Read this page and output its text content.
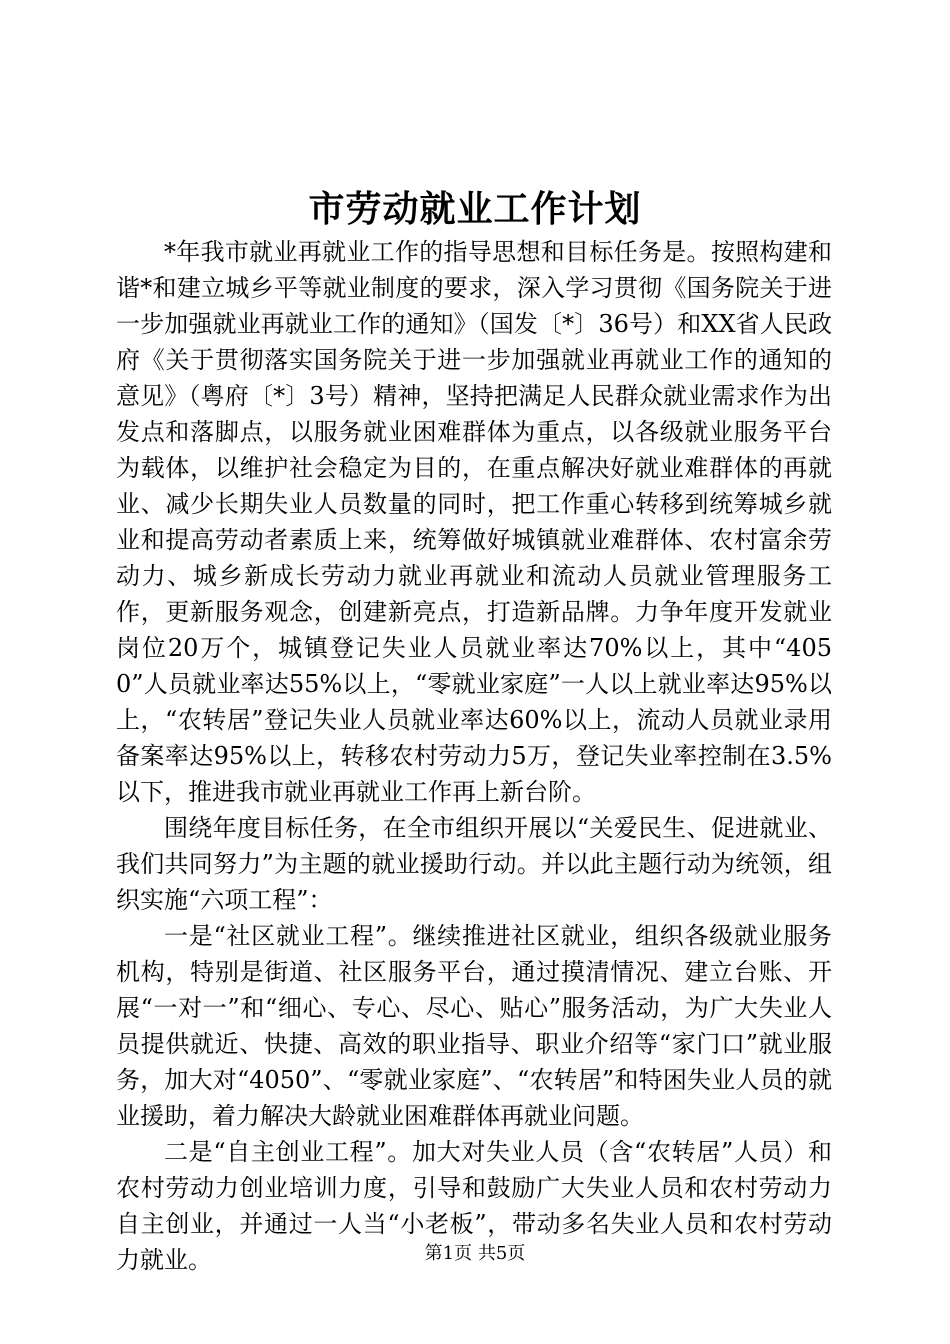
市劳动就业工作计划

*年我市就业再就业工作的指导思想和目标任务是。按照构建和谐*和建立城乡平等就业制度的要求，深入学习贯彻《国务院关于进一步加强就业再就业工作的通知》（国发〔*〕36号）和XX省人民政府《关于贯彻落实国务院关于进一步加强就业再就业工作的通知的意见》（粤府〔*〕3号）精神，坚持把满足人民群众就业需求作为出发点和落脚点，以服务就业困难群体为重点，以各级就业服务平台为载体，以维护社会稳定为目的，在重点解决好就业难群体的再就业、减少长期失业人员数量的同时，把工作重心转移到统筹城乡就业和提高劳动者素质上来，统筹做好城镇就业难群体、农村富余劳动力、城乡新成长劳动力就业再就业和流动人员就业管理服务工作，更新服务观念，创建新亮点，打造新品牌。力争年度开发就业岗位20万个，城镇登记失业人员就业率达70%以上，其中“4050”人员就业率达55%以上，“零就业家庭”一人以上就业率达95%以上，“农转居”登记失业人员就业率达60%以上，流动人员就业录用备案率达95%以上，转移农村劳动力5万，登记失业率控制在3.5%以下，推进我市就业再就业工作再上新台阶。

围绕年度目标任务，在全市组织开展以“关爱民生、促进就业、我们共同努力”为主题的就业援助行动。并以此主题行动为统领，组织实施“六项工程”：

一是“社区就业工程”。继续推进社区就业，组织各级就业服务机构，特别是街道、社区服务平台，通过摸清情况、建立台账、开展“一对一”和“细心、专心、尽心、贴心”服务活动，为广大失业人员提供就近、快捷、高效的职业指导、职业介绍等“家门口”就业服务，加大对“4050”、“零就业家庭”、“农转居”和特困失业人员的就业援助，着力解决大龄就业困难群体再就业问题。

二是“自主创业工程”。加大对失业人员（含“农转居”人员）和农村劳动力创业培训力度，引导和鼓励广大失业人员和农村劳动力自主创业，并通过一人当“小老板”，带动多名失业人员和农村劳动力就业。	第1页 共5页
